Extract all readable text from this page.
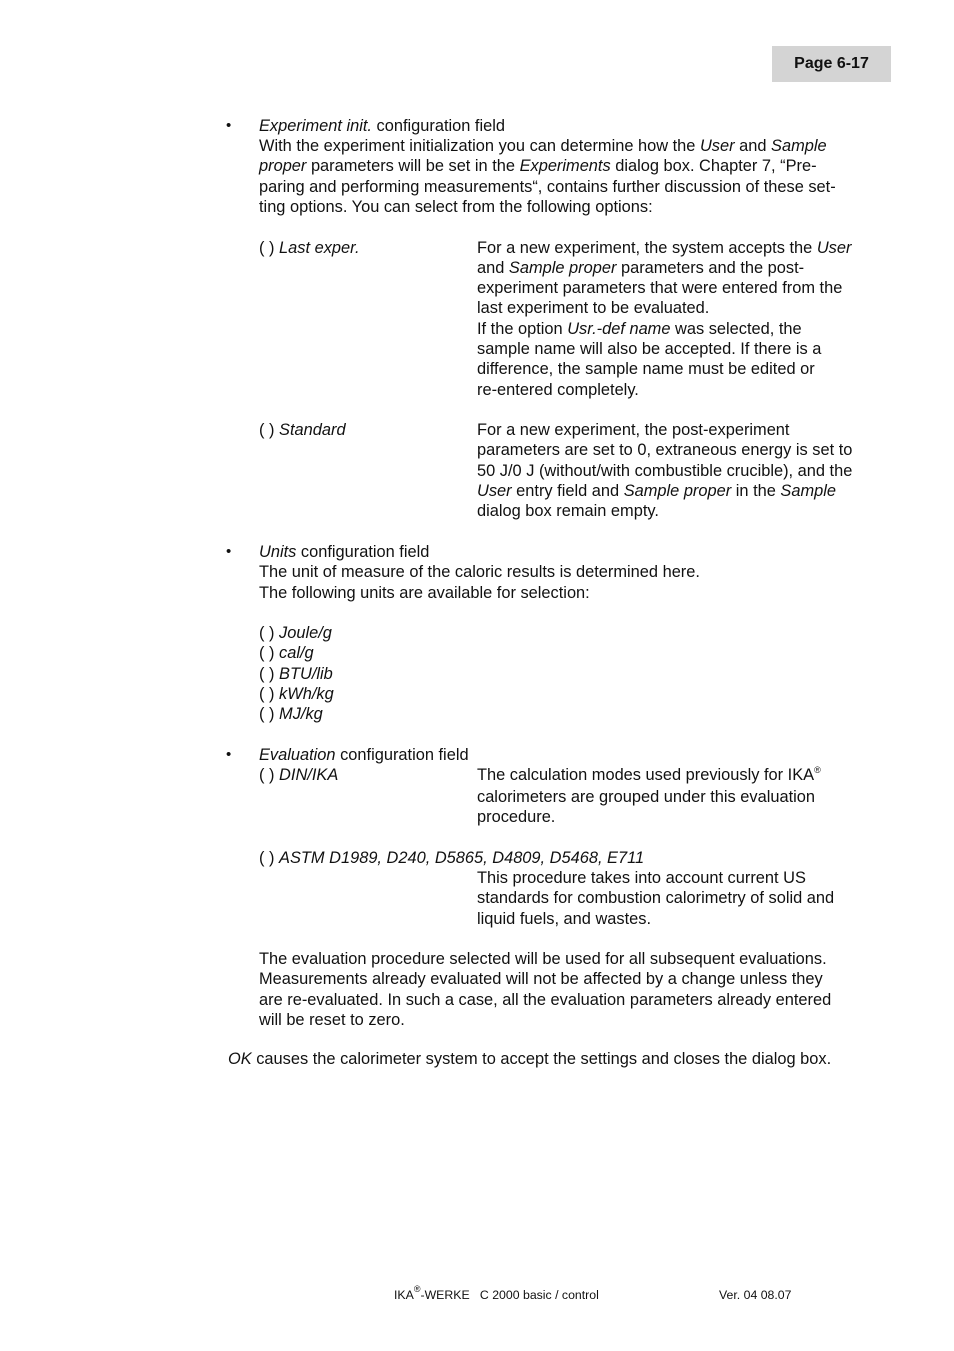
Page 6-17
• Experiment init. configuration field
With the experiment initialization you can determine how the User and Sample
proper parameters will be set in the Experiments dialog box. Chapter 7, “Pre-
paring and performing measurements“, contains further discussion of these set-
ting options. You can select from the following options:
( ) Last exper.	For a new experiment, the system accepts the User
and Sample proper parameters and the post-
experiment parameters that were entered from the
last experiment to be evaluated.
If the option Usr.-def name was selected, the
sample name will also be accepted. If there is a
difference, the sample name must be edited or
re-entered completely.
( ) Standard	For a new experiment, the post-experiment
parameters are set to 0, extraneous energy is set to
50 J/0 J (without/with combustible crucible), and the
User entry field and Sample proper in the Sample
dialog box remain empty.
• Units configuration field
The unit of measure of the caloric results is determined here.
The following units are available for selection:
( ) Joule/g
( ) cal/g
( ) BTU/lib
( ) kWh/kg
( ) MJ/kg
• Evaluation configuration field
( ) DIN/IKA	The calculation modes used previously for IKA®
calorimeters are grouped under this evaluation
procedure.
( ) ASTM D1989, D240, D5865, D4809, D5468, E711
This procedure takes into account current US
standards for combustion calorimetry of solid and
liquid fuels, and wastes.
The evaluation procedure selected will be used for all subsequent evaluations.
Measurements already evaluated will not be affected by a change unless they
are re-evaluated. In such a case, all the evaluation parameters already entered
will be reset to zero.
OK causes the calorimeter system to accept the settings and closes the dialog box.
IKA®-WERKE   C 2000 basic / control	Ver. 04 08.07
